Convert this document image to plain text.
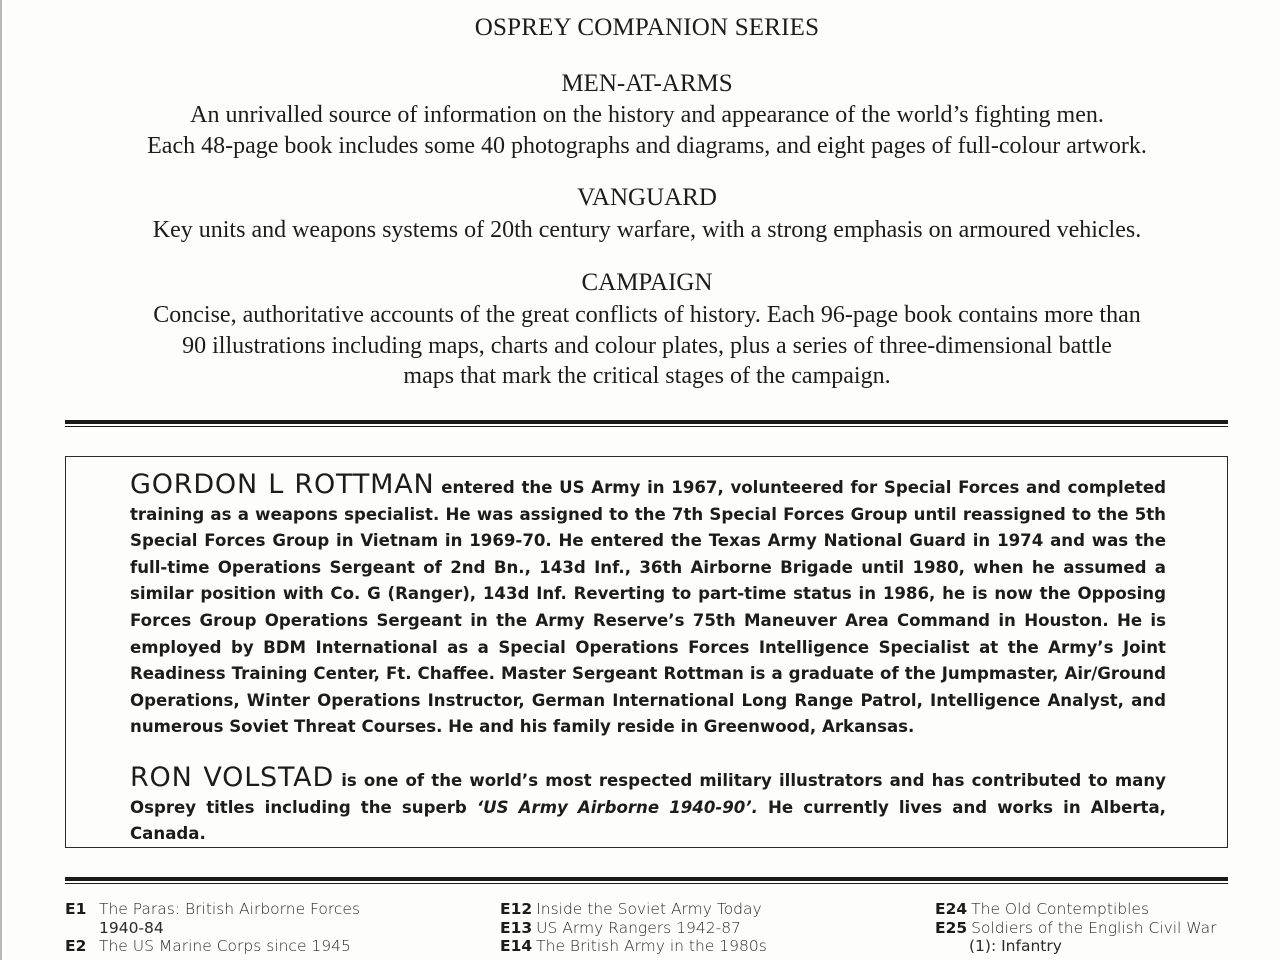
OSPREY COMPANION SERIES
MEN-AT-ARMS
An unrivalled source of information on the history and appearance of the world’s fighting men.
Each 48-page book includes some 40 photographs and diagrams, and eight pages of full-colour artwork.
VANGUARD
Key units and weapons systems of 20th century warfare, with a strong emphasis on armoured vehicles.
CAMPAIGN
Concise, authoritative accounts of the great conflicts of history. Each 96-page book contains more than
90 illustrations including maps, charts and colour plates, plus a series of three-dimensional battle
maps that mark the critical stages of the campaign.

GORDON L ROTTMAN entered the US Army in 1967, volunteered for Special Forces and completed training as a weapons specialist. He was assigned to the 7th Special Forces Group until reassigned to the 5th Special Forces Group in Vietnam in 1969-70. He entered the Texas Army National Guard in 1974 and was the full-time Operations Sergeant of 2nd Bn., 143d Inf., 36th Airborne Brigade until 1980, when he assumed a similar position with Co. G (Ranger), 143d Inf. Reverting to part-time status in 1986, he is now the Opposing Forces Group Operations Sergeant in the Army Reserve’s 75th Maneuver Area Command in Houston. He is employed by BDM International as a Special Operations Forces Intelligence Specialist at the Army’s Joint Readiness Training Center, Ft. Chaffee. Master Sergeant Rottman is a graduate of the Jumpmaster, Air/Ground Operations, Winter Operations Instructor, German International Long Range Patrol, Intelligence Analyst, and numerous Soviet Threat Courses. He and his family reside in Greenwood, Arkansas.

RON VOLSTAD is one of the world’s most respected military illustrators and has contributed to many Osprey titles including the superb ‘US Army Airborne 1940-90’. He currently lives and works in Alberta, Canada.

E1 The Paras: British Airborne Forces
1940-84
E2 The US Marine Corps since 1945
E12 Inside the Soviet Army Today
E13 US Army Rangers 1942-87
E14 The British Army in the 1980s
E24 The Old Contemptibles
E25 Soldiers of the English Civil War
(1): Infantry
